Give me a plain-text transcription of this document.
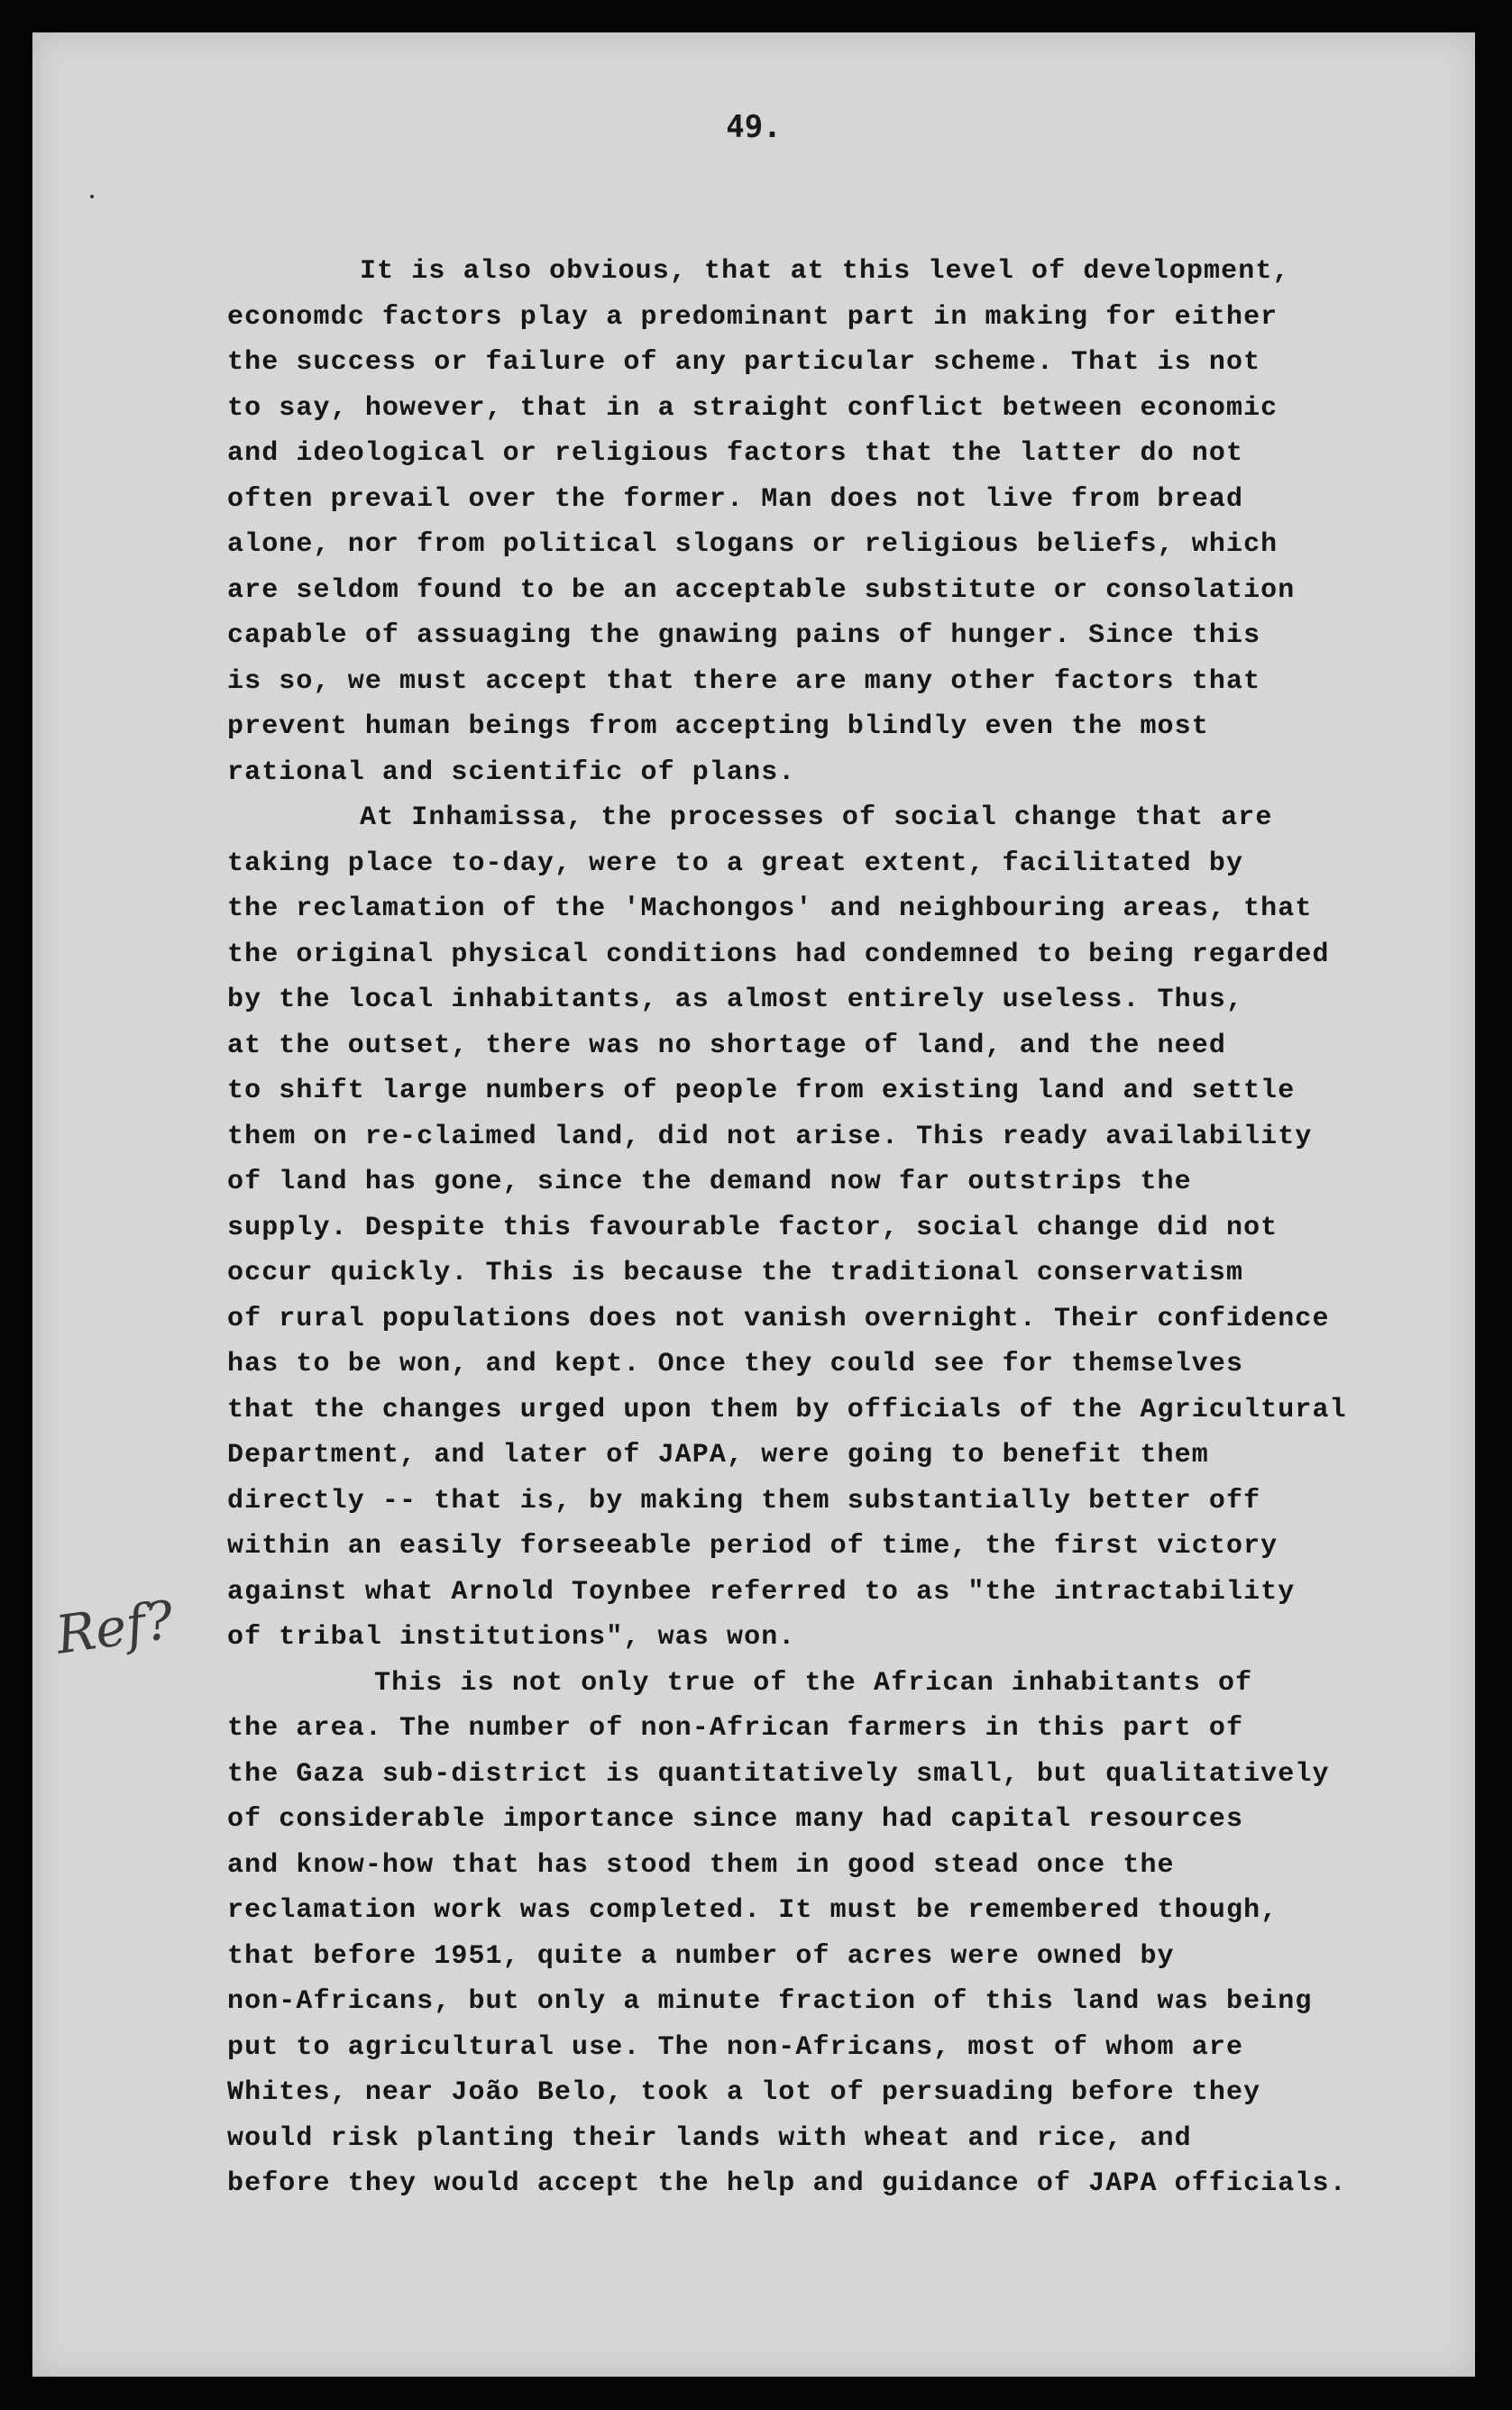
49.
It is also obvious, that at this level of development,
economdc factors play a predominant part in making for either
the success or failure of any particular scheme. That is not
to say, however, that in a straight conflict between economic
and ideological or religious factors that the latter do not
often prevail over the former. Man does not live from bread
alone, nor from political slogans or religious beliefs, which
are seldom found to be an acceptable substitute or consolation
capable of assuaging the gnawing pains of hunger. Since this
is so, we must accept that there are many other factors that
prevent human beings from accepting blindly even the most
rational and scientific of plans.
At Inhamissa, the processes of social change that are
taking place to-day, were to a great extent, facilitated by
the reclamation of the 'Machongos' and neighbouring areas, that
the original physical conditions had condemned to being regarded
by the local inhabitants, as almost entirely useless. Thus,
at the outset, there was no shortage of land, and the need
to shift large numbers of people from existing land and settle
them on re-claimed land, did not arise. This ready availability
of land has gone, since the demand now far outstrips the
supply. Despite this favourable factor, social change did not
occur quickly. This is because the traditional conservatism
of rural populations does not vanish overnight. Their confidence
has to be won, and kept. Once they could see for themselves
that the changes urged upon them by officials of the Agricultural
Department, and later of JAPA, were going to benefit them
directly -- that is, by making them substantially better off
within an easily forseeable period of time, the first victory
against what Arnold Toynbee referred to as "the intractability
of tribal institutions", was won.
This is not only true of the African inhabitants of
the area. The number of non-African farmers in this part of
the Gaza sub-district is quantitatively small, but qualitatively
of considerable importance since many had capital resources
and know-how that has stood them in good stead once the
reclamation work was completed. It must be remembered though,
that before 1951, quite a number of acres were owned by
non-Africans, but only a minute fraction of this land was being
put to agricultural use. The non-Africans, most of whom are
Whites, near João Belo, took a lot of persuading before they
would risk planting their lands with wheat and rice, and
before they would accept the help and guidance of JAPA officials.
Ref?
